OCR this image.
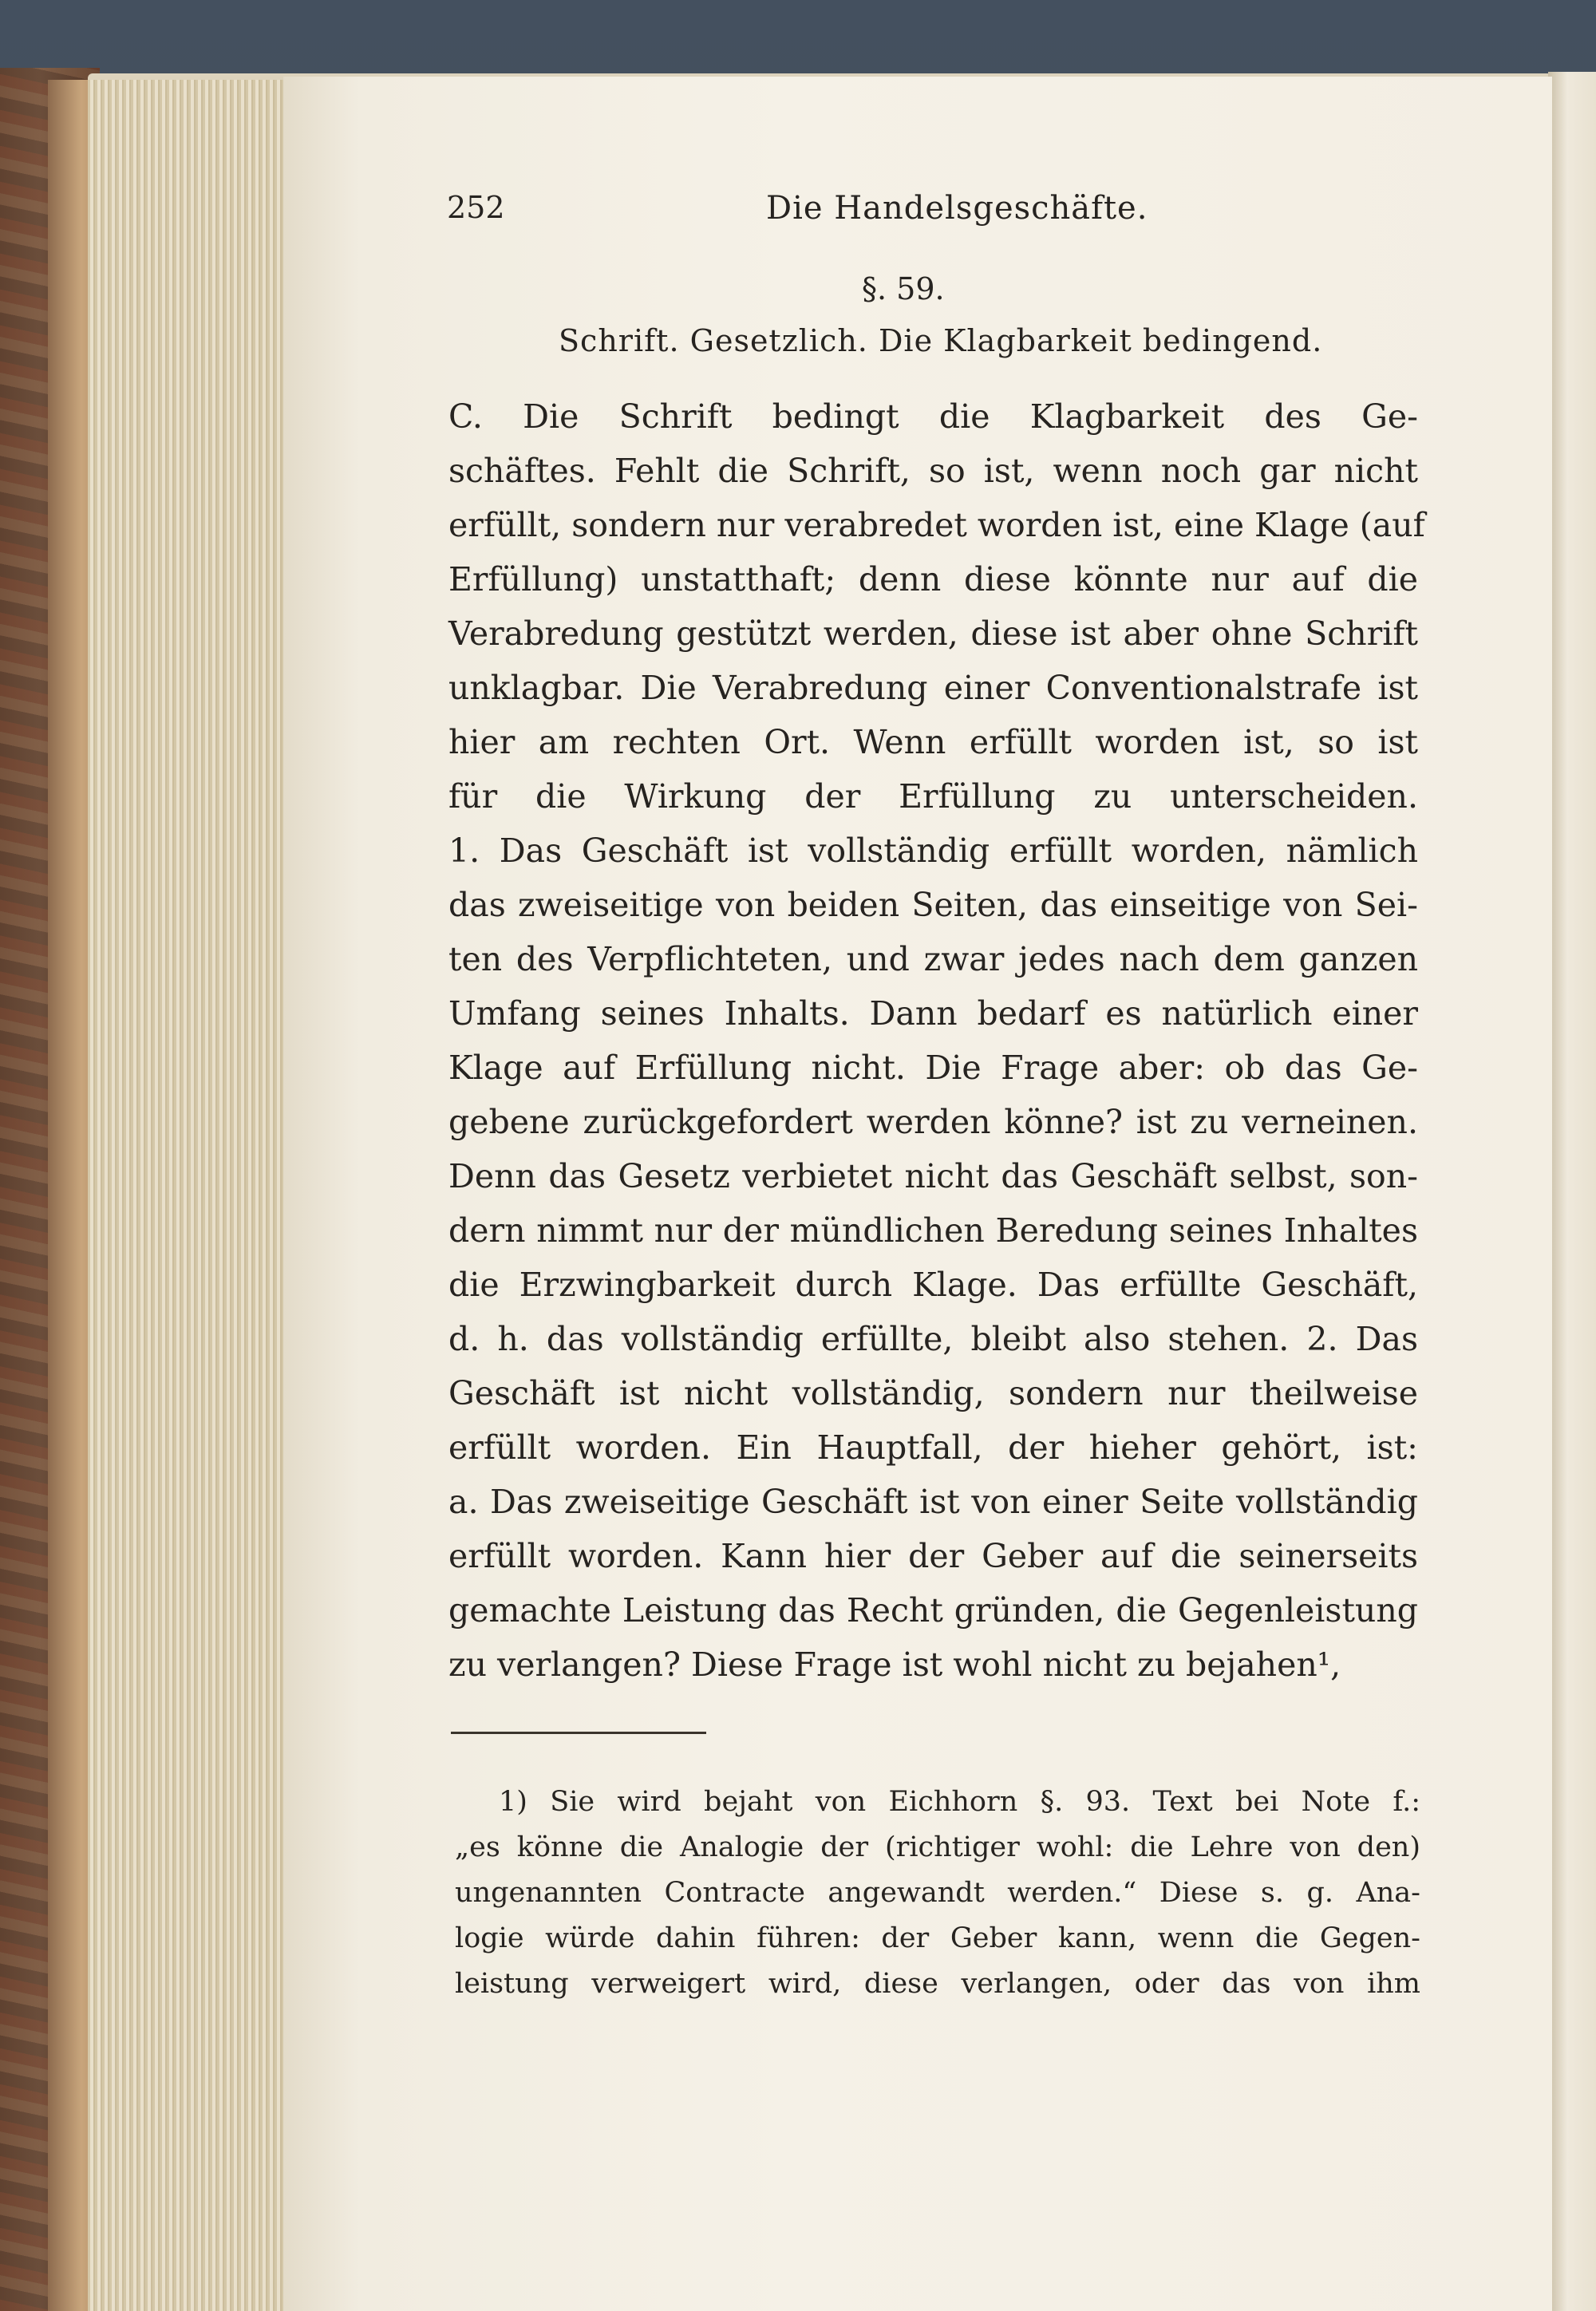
252	Die Handelsgeschäfte.
§. 59.
Schrift. Gesetzlich. Die Klagbarkeit bedingend.
C. Die Schrift bedingt die Klagbarkeit des Ge-
schäftes. Fehlt die Schrift, so ist, wenn noch gar nicht
erfüllt, sondern nur verabredet worden ist, eine Klage (auf
Erfüllung) unstatthaft; denn diese könnte nur auf die
Verabredung gestützt werden, diese ist aber ohne Schrift
unklagbar. Die Verabredung einer Conventionalstrafe ist
hier am rechten Ort. Wenn erfüllt worden ist, so ist
für die Wirkung der Erfüllung zu unterscheiden.
1. Das Geschäft ist vollständig erfüllt worden, nämlich
das zweiseitige von beiden Seiten, das einseitige von Sei-
ten des Verpflichteten, und zwar jedes nach dem ganzen
Umfang seines Inhalts. Dann bedarf es natürlich einer
Klage auf Erfüllung nicht. Die Frage aber: ob das Ge-
gebene zurückgefordert werden könne? ist zu verneinen.
Denn das Gesetz verbietet nicht das Geschäft selbst, son-
dern nimmt nur der mündlichen Beredung seines Inhaltes
die Erzwingbarkeit durch Klage. Das erfüllte Geschäft,
d. h. das vollständig erfüllte, bleibt also stehen. 2. Das
Geschäft ist nicht vollständig, sondern nur theilweise
erfüllt worden. Ein Hauptfall, der hieher gehört, ist:
a. Das zweiseitige Geschäft ist von einer Seite vollständig
erfüllt worden. Kann hier der Geber auf die seinerseits
gemachte Leistung das Recht gründen, die Gegenleistung
zu verlangen? Diese Frage ist wohl nicht zu bejahen¹,
1) Sie wird bejaht von Eichhorn §. 93. Text bei Note f.:
„es könne die Analogie der (richtiger wohl: die Lehre von den)
ungenannten Contracte angewandt werden.“ Diese s. g. Ana-
logie würde dahin führen: der Geber kann, wenn die Gegen-
leistung verweigert wird, diese verlangen, oder das von ihm
